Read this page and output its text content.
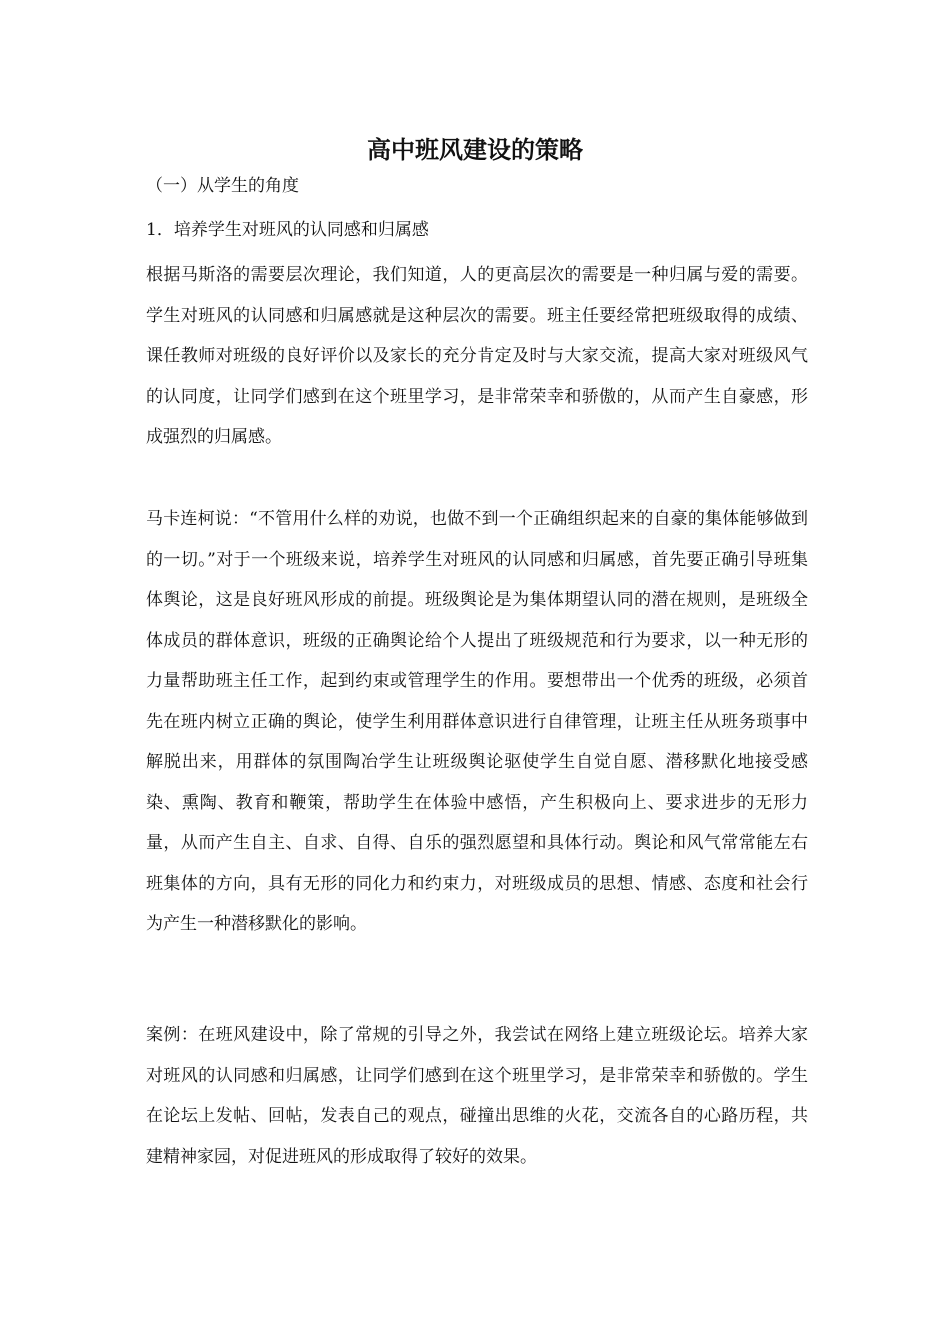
高中班风建设的策略

（一）从学生的角度

1．培养学生对班风的认同感和归属感

根据马斯洛的需要层次理论，我们知道，人的更高层次的需要是一种归属与爱的需要。学生对班风的认同感和归属感就是这种层次的需要。班主任要经常把班级取得的成绩、课任教师对班级的良好评价以及家长的充分肯定及时与大家交流，提高大家对班级风气的认同度，让同学们感到在这个班里学习，是非常荣幸和骄傲的，从而产生自豪感，形成强烈的归属感。

马卡连柯说：“不管用什么样的劝说，也做不到一个正确组织起来的自豪的集体能够做到的一切。”对于一个班级来说，培养学生对班风的认同感和归属感，首先要正确引导班集体舆论，这是良好班风形成的前提。班级舆论是为集体期望认同的潜在规则，是班级全体成员的群体意识，班级的正确舆论给个人提出了班级规范和行为要求，以一种无形的力量帮助班主任工作，起到约束或管理学生的作用。要想带出一个优秀的班级，必须首先在班内树立正确的舆论，使学生利用群体意识进行自律管理，让班主任从班务琐事中解脱出来，用群体的氛围陶冶学生让班级舆论驱使学生自觉自愿、潜移默化地接受感染、熏陶、教育和鞭策，帮助学生在体验中感悟，产生积极向上、要求进步的无形力量，从而产生自主、自求、自得、自乐的强烈愿望和具体行动。舆论和风气常常能左右班集体的方向，具有无形的同化力和约束力，对班级成员的思想、情感、态度和社会行为产生一种潜移默化的影响。

案例：在班风建设中，除了常规的引导之外，我尝试在网络上建立班级论坛。培养大家对班风的认同感和归属感，让同学们感到在这个班里学习，是非常荣幸和骄傲的。学生在论坛上发帖、回帖，发表自己的观点，碰撞出思维的火花，交流各自的心路历程，共建精神家园，对促进班风的形成取得了较好的效果。
